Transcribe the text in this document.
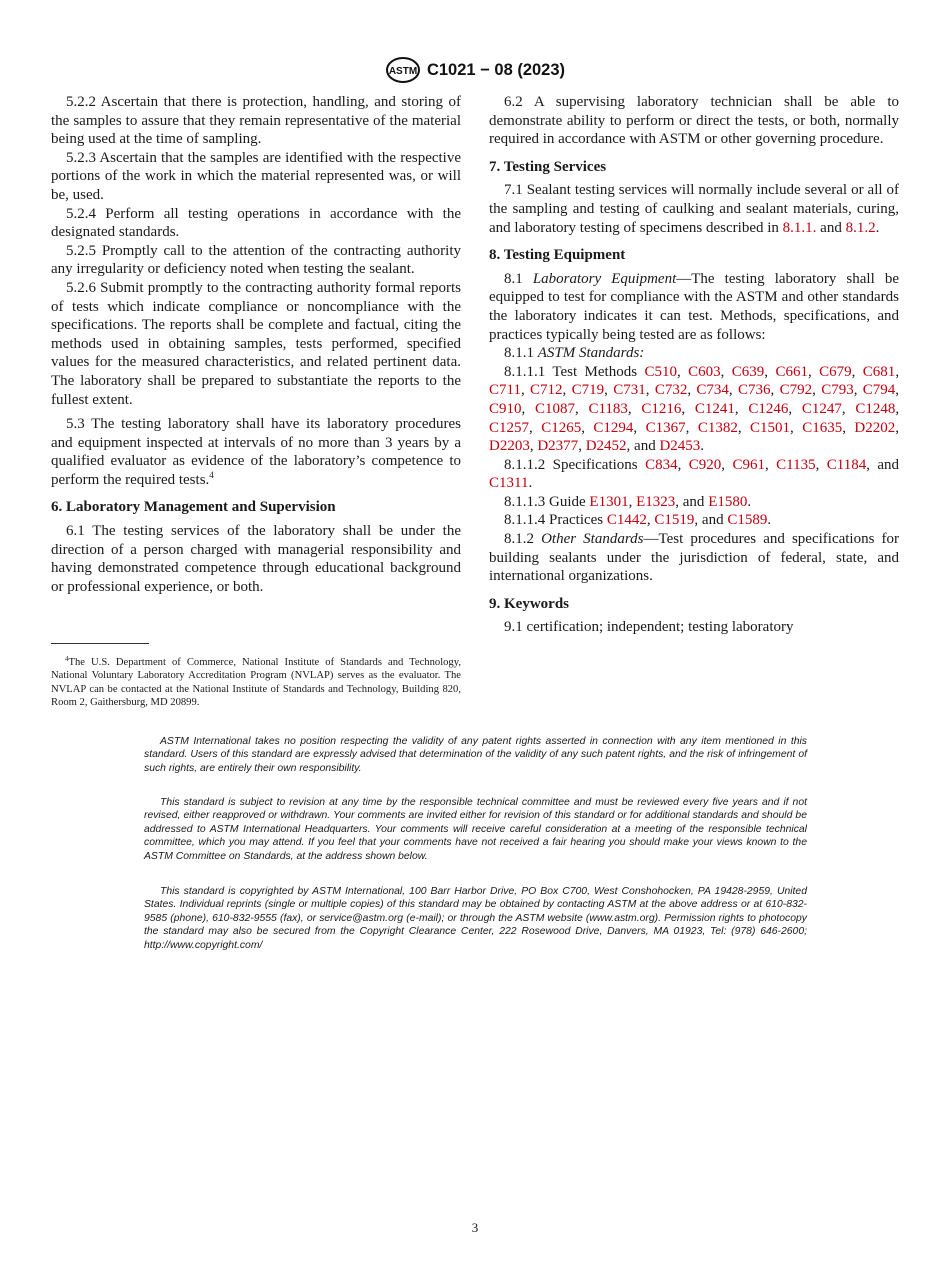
ASTM C1021 − 08 (2023)

5.2.2 Ascertain that there is protection, handling, and storing of the samples to assure that they remain representative of the material being used at the time of sampling.

5.2.3 Ascertain that the samples are identified with the respective portions of the work in which the material represented was, or will be, used.

5.2.4 Perform all testing operations in accordance with the designated standards.

5.2.5 Promptly call to the attention of the contracting authority any irregularity or deficiency noted when testing the sealant.

5.2.6 Submit promptly to the contracting authority formal reports of tests which indicate compliance or noncompliance with the specifications. The reports shall be complete and factual, citing the methods used in obtaining samples, tests performed, specified values for the measured characteristics, and related pertinent data. The laboratory shall be prepared to substantiate the reports to the fullest extent.

5.3 The testing laboratory shall have its laboratory procedures and equipment inspected at intervals of no more than 3 years by a qualified evaluator as evidence of the laboratory’s competence to perform the required tests.$^4$

6. Laboratory Management and Supervision

6.1 The testing services of the laboratory shall be under the direction of a person charged with managerial responsibility and having demonstrated competence through educational background or professional experience, or both.

$^4$The U.S. Department of Commerce, National Institute of Standards and Technology, National Voluntary Laboratory Accreditation Program (NVLAP) serves as the evaluator. The NVLAP can be contacted at the National Institute of Standards and Technology, Building 820, Room 2, Gaithersburg, MD 20899.

6.2 A supervising laboratory technician shall be able to demonstrate ability to perform or direct the tests, or both, normally required in accordance with ASTM or other governing procedure.

7. Testing Services

7.1 Sealant testing services will normally include several or all of the sampling and testing of caulking and sealant materials, curing, and laboratory testing of specimens described in 8.1.1. and 8.1.2.

8. Testing Equipment

8.1 Laboratory Equipment—The testing laboratory shall be equipped to test for compliance with the ASTM and other standards the laboratory indicates it can test. Methods, specifications, and practices typically being tested are as follows:

8.1.1 ASTM Standards:

8.1.1.1 Test Methods C510, C603, C639, C661, C679, C681, C711, C712, C719, C731, C732, C734, C736, C792, C793, C794, C910, C1087, C1183, C1216, C1241, C1246, C1247, C1248, C1257, C1265, C1294, C1367, C1382, C1501, C1635, D2202, D2203, D2377, D2452, and D2453.

8.1.1.2 Specifications C834, C920, C961, C1135, C1184, and C1311.

8.1.1.3 Guide E1301, E1323, and E1580.

8.1.1.4 Practices C1442, C1519, and C1589.

8.1.2 Other Standards—Test procedures and specifications for building sealants under the jurisdiction of federal, state, and international organizations.

9. Keywords

9.1 certification; independent; testing laboratory

ASTM International takes no position respecting the validity of any patent rights asserted in connection with any item mentioned in this standard. Users of this standard are expressly advised that determination of the validity of any such patent rights, and the risk of infringement of such rights, are entirely their own responsibility.

This standard is subject to revision at any time by the responsible technical committee and must be reviewed every five years and if not revised, either reapproved or withdrawn. Your comments are invited either for revision of this standard or for additional standards and should be addressed to ASTM International Headquarters. Your comments will receive careful consideration at a meeting of the responsible technical committee, which you may attend. If you feel that your comments have not received a fair hearing you should make your views known to the ASTM Committee on Standards, at the address shown below.

This standard is copyrighted by ASTM International, 100 Barr Harbor Drive, PO Box C700, West Conshohocken, PA 19428-2959, United States. Individual reprints (single or multiple copies) of this standard may be obtained by contacting ASTM at the above address or at 610-832-9585 (phone), 610-832-9555 (fax), or service@astm.org (e-mail); or through the ASTM website (www.astm.org). Permission rights to photocopy the standard may also be secured from the Copyright Clearance Center, 222 Rosewood Drive, Danvers, MA 01923, Tel: (978) 646-2600; http://www.copyright.com/

3
